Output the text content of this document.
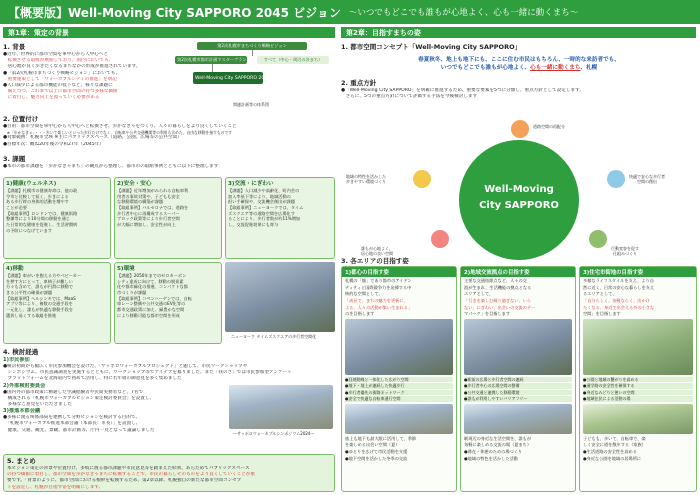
【概要版】Well-Moving City SAPPORO 2045 ビジョン ～いつでもどこでも誰もが心地よく、心も一緒に動くまち～
第1章：策定の背景	第2章：目指すまちの姿
1. 背景
●近年、世界的に都市空間を車中心から人中心へと
　転換させる取組が展開しており、国内においても、
　居心地が良く歩きたくなるまちなかの形成が推進されています。
●「第2次札幌市まちづくり戦略ビジョン」においても、
　重要施策として「ウォーカブルシティの推進」を明記
●人口減少による都市機能の低下など、様々な課題に
　備えつつ、これまで以上に都市空間の持つ多様な価値
　に着目し、魅力向上を図っていく必要がある
第2次札幌市まちづくり戦略ビジョン
第2次札幌市都市計画マスタープラン	すべて（中心・周辺の各まち）
Well-Moving City SAPPORO 2045 ビジョン
関連計画等の体系図
2. 位置付け
●目的：都市空間を車中心から人中心へと転換させ、歩かなきゃをつくり、人々の暮らしをより良くしていくこと
　※「歩かなきゃ」・・・歩いて楽しいといった歩行だけでなく、自転車や公共交通機関等の利用も含めた、自由な移動を指すものです
●対象範囲：札幌市全域 ※主にパブリックスペース（道路、公園、広場等の公共空間）
●目標年次：概ね20年後の令和27年（2045年）
3. 課題
●本市の都市課題を「歩かなきゃまち」の観点から整理し、都市市の取組事例とともに以下に整理します
1)健康(ウェルネス)
【課題】札幌市の健康寿命は、他の政
令市と比較して短く、歩きによる
ある歩行時の身体的活動を増やす
ことが必要
【取組事例】ロンドンでは、健康街路
整備等により10分間の移動を通じ
た日常的な健康を促進し、生活習慣病
の予防につなげています
2)安全・安心
【課題】近年増加がみられる自転車利
用者の事故対策や、子どもも安全
な移動環境の構築が課題
【取組事例】バルセロナでは、道路を
歩行者中心に再構成するスーパー
ブロック政策等により歩行者空間
が大幅に増加し、安全性が向上
3)交流・にぎわい
【課題】人口減少や高齢化、町内会の
加入率低下等により、地域活動の
担い手確保や、交流機会創出が課題
【取組事例】ニューヨークでは、タイム
ズスクエア等の道路空間を広場化す
ることにより、歩行者数が約11%増加
し、交流促進効果にも寄与
4)移動
【課題】車がいを抱える方やベビーカー
を押す方にとって、車椅子が難しい
方々も含めて、誰もが円滑に移動で
きる公平性の確保が課題
【取組事例】ヘルシンキでは、MaaS
アプリ等により、複数の交通手段を
一元化し、誰もが快適な移動手段を
選択し易くする取組を推進
5)環境
【課題】2050年までのゼロカーボン
シティ達成に向けて、移動の脱炭素
化や都市緑化の推進、コンパクトな都
市づくりが課題
【取組事例】コペンハーゲンでは、自転
車レーン整備や公共交通のEV化等の
都市交通政策に加え、緑豊かな空間
により移動可能な都市空間を形成
ニューヨーク タイムズスクエアの歩行者空間化
4. 検討経過
1)市民参加
●検討初期から幅広く市民参加機会を設けた、「サッポロウォーカブルプロジェクト」と題して、市民ワークショップや
　シンポジウム、市民意識調査を実施するとともに、ワークショップ等でアイデアを募りました。また「我のさ」では市民参加型アンケート
　プラットフォームを北海道内で初めて活用し、特に若年層の御意見を多く集めました
2)外部検討委員会
●国内外の都市政策に精通した学識経験者や民間実務者など、7名で
　構成される「札幌市ウォーカブルビジョン策定検討委員会」を設置し、
　多様なご意見をいただきました
3)推進本部会議
●多様に渡る関係部局を連携して分野ビジョンを検討する目的で、
　「札幌市ウォーカブル推進本部会議（本部長：市長）」を設置し、
　健康、交通、観光、景観、都市計画等、庁内一丸となって議論しました
～サッポロウォーカブルシンポジウム2024～
5. まとめ
本ビジョン策定の背景や位置付け、多岐に渡る都市課題や市民意見等を踏まえた結果、あらためてパブリックスペース
の持つ価値に着目し、都市空間を歩かなきゃまちに転換することで、市民の暮らしそのものをより良くしていくことが重
要です。「背景のように、都市空間における根幹を転換するため、第2章以降、札幌独自の新たな都市空間コンセプ
トを設定し、札幌が目指す姿を明確にします。
1. 都市空間コンセプト「Well-Moving City SAPPORO」
春夏秋冬、地上も地下にも、ここに住む市民はもちろん、一時的な来訪者でも、
いつでもどこでも誰もが心地よく、心も一緒に動くまち、札幌
2. 重点方針
●「Well-Moving City SAPPORO」を明確に推進するため、重要な要素を5つに分類し、重点方針として設定します。
　さらに、5つの重点方針について評価する手法を今後検討します
Well-Moving
City SAPPORO
地域の特性を活かした
歩きやすい環境づくり
道路空間の再配分
快適で安心な歩行者
空間の創出
誰もが心地よく、
居心地の良い空間
行動変容を促す
仕組みづくり
3. 各エリアの目指す姿
1)都心の目指す姿
札幌の「顔」であり都市のアイデン
ティティと国際競争力を発揮する中
核的な空間として、
「成長で、まちの魅力を更新に、
よる、人々の活動が集い生まれる」
のを目指します
●回遊動線と一体化した広がり空間
●地下・地上が連続した快適歩行
●歩行者優先の街路ネットワーク
●安全で快適な自転車通行空間
旅上も地下も最大限に活用して、季節
を楽しめる出会い空間（夏）
●ゆとりを広げて市民活動を支援
●地下空間を活かした冬季の交流
2)地域交流拠点の目指す姿
主要な交通結節点など、人々の交
流が生まれ、生活機能の拠点となる
エリアとして、
「行きを楽しむ縁り過ぎない、いら
ない」にぎわい、出会いの交流のテー
マパーク」を目指します
●駅前の広場と歩行者空間の連続
●歩行者中心の広場空間の整備
●公共交通と連携した移動環境
●誰もが利用しやすいバリアフリー
駅周辺の身近な生活空間を、誰もが
気軽に楽しめる交流の場（夏まち）
●滞在・休憩のための場づくり
●地域の特色を活かした活動
3)住宅市街地の目指す姿
多様なライフスタイルを支え、より自
然に近く、日常の安心な暮らしを支え
るエリアとして、
「自分らしく、気軽ならく、出かけ
たくなる、身近で出会える外の小さな
空間」を目指します
●公園と地域の繋がりを高める
●通学路の安全性を確保する
●身近なみどりと憩いの空間
●地域住民による活動の場
子どもも、歩いて、自転車で、楽
しく安全に道を散歩する（家族）
●生活道路の安全性を高める
●身近な公園を地域の居場所に
